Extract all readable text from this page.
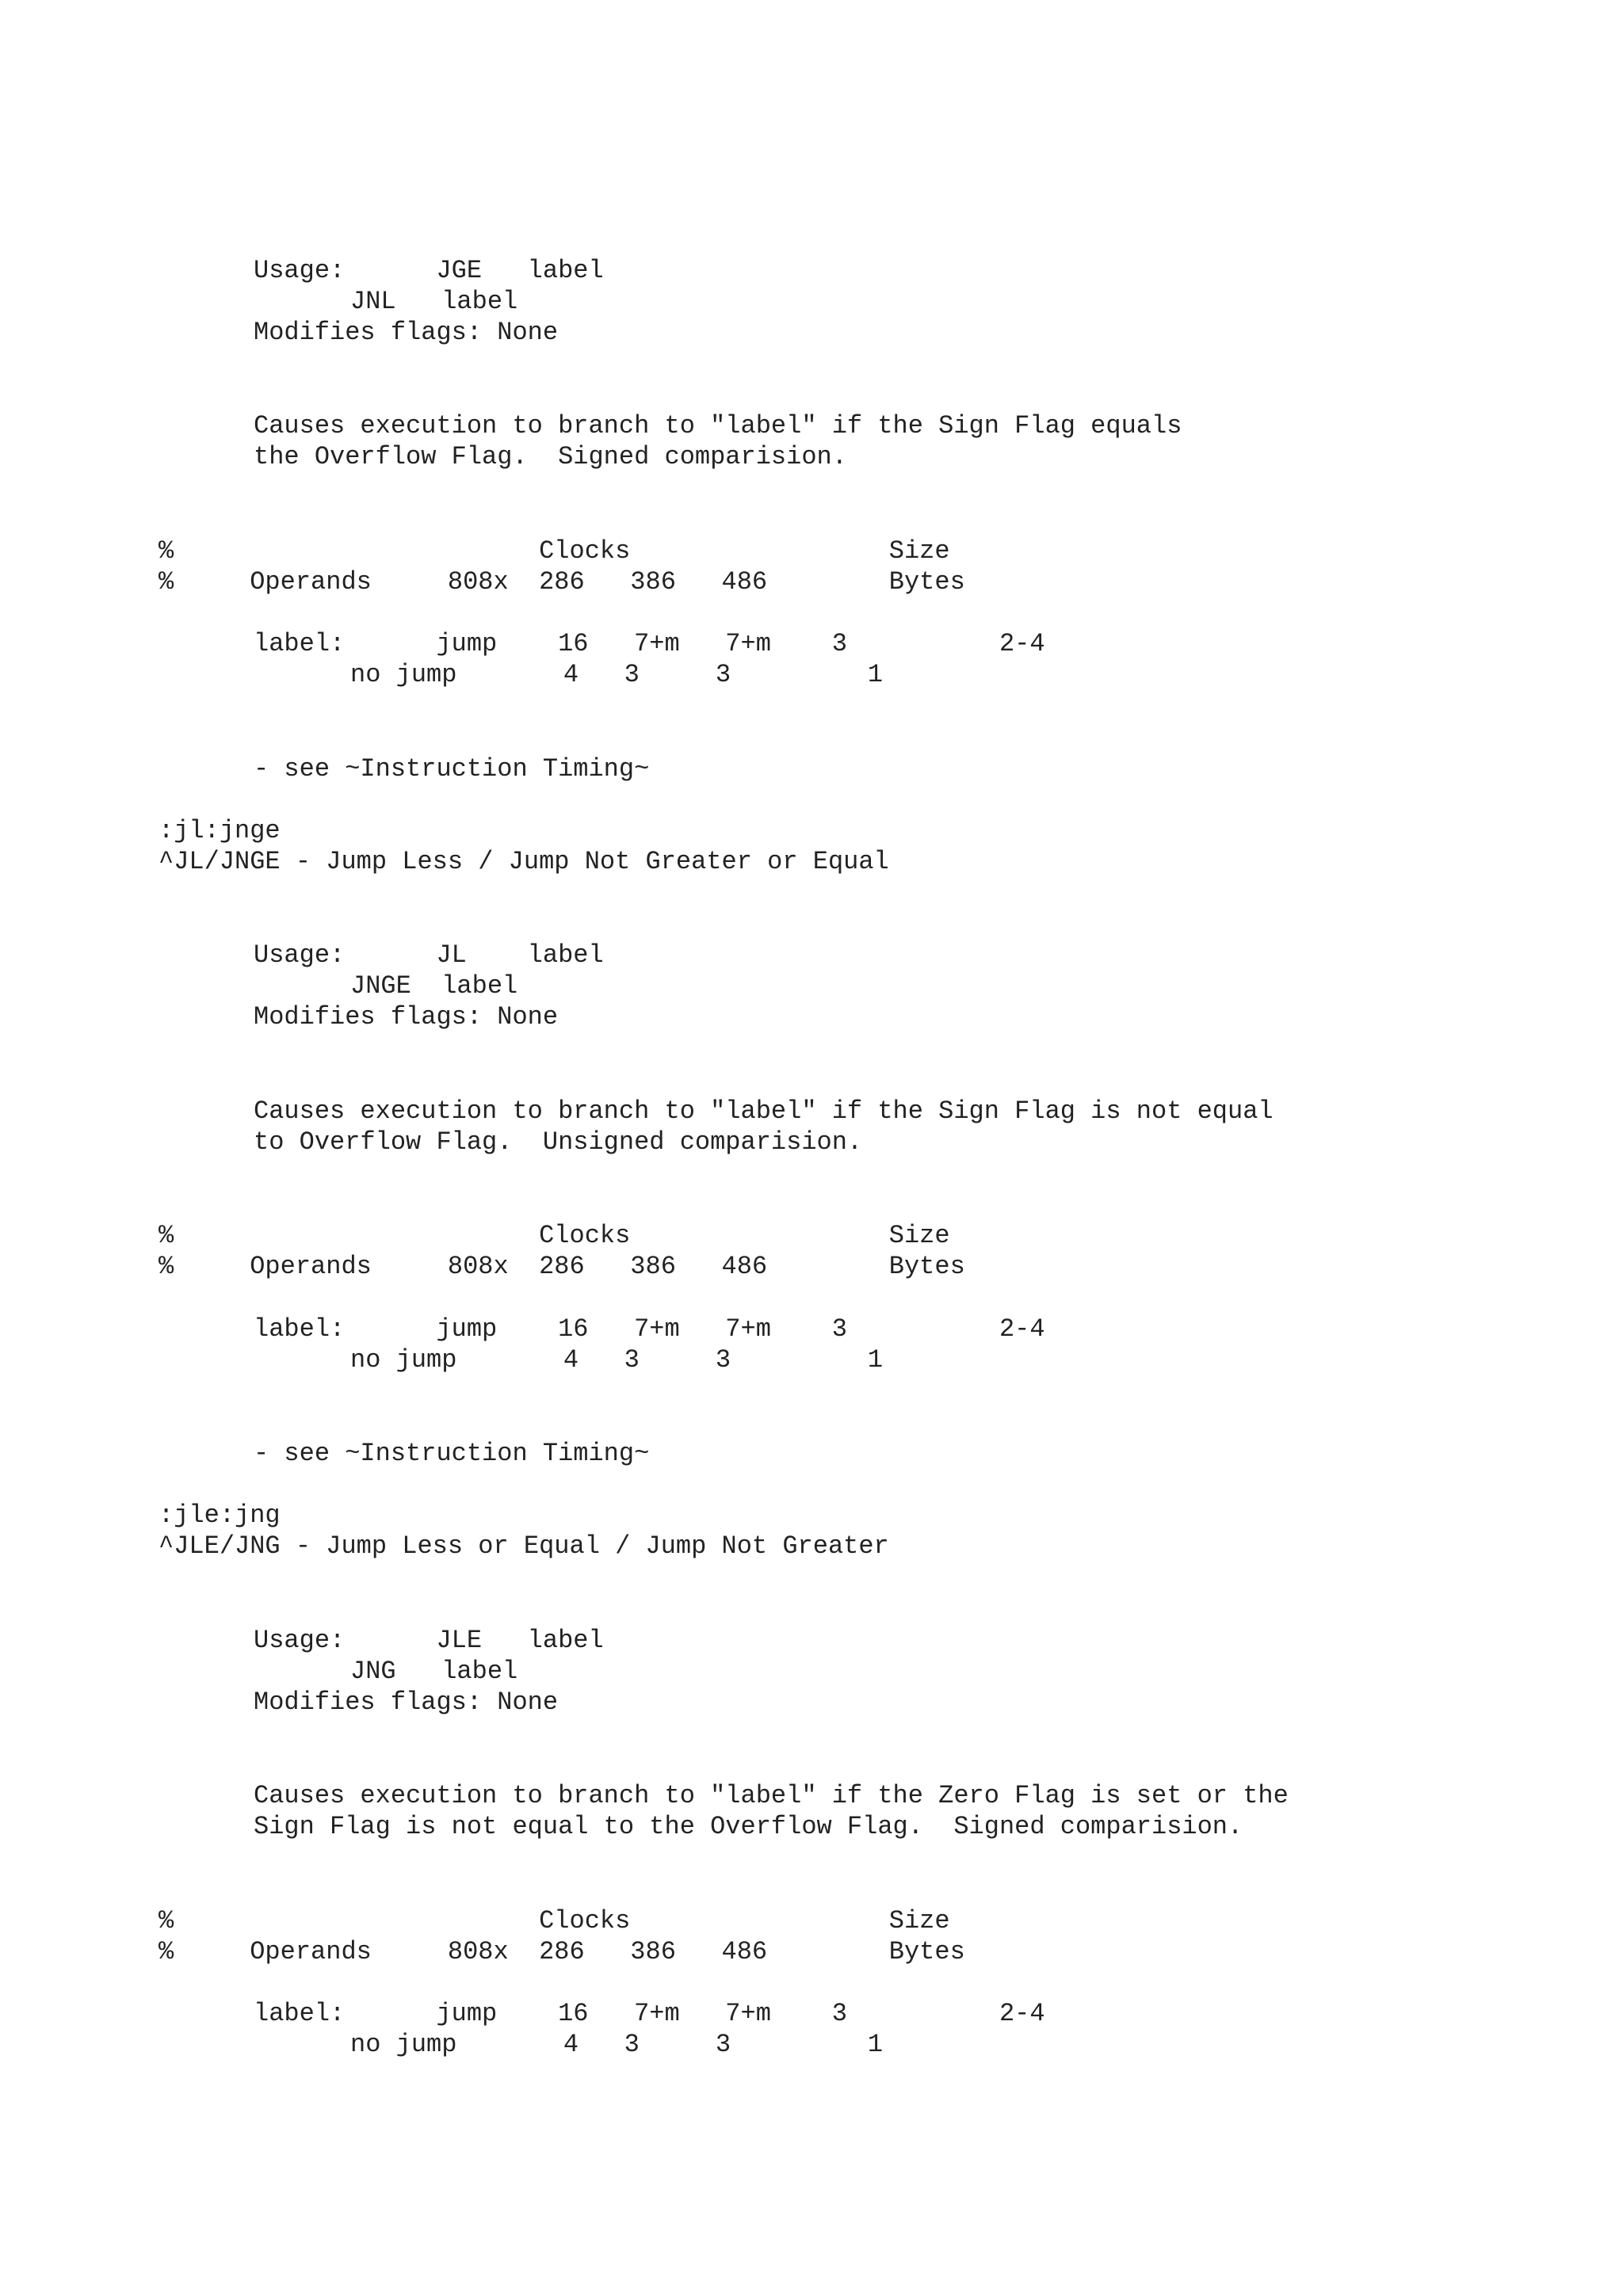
Usage:      JGE   label
JNL   label
Modifies flags: None
Causes execution to branch to "label" if the Sign Flag equals
the Overflow Flag.  Signed comparision.
%                        Clocks                 Size
%     Operands     808x  286   386   486        Bytes
label:      jump    16   7+m   7+m    3          2-4
no jump       4   3     3         1
- see ~Instruction Timing~
:jl:jnge
^JL/JNGE - Jump Less / Jump Not Greater or Equal
Usage:      JL    label
JNGE  label
Modifies flags: None
Causes execution to branch to "label" if the Sign Flag is not equal
to Overflow Flag.  Unsigned comparision.
%                        Clocks                 Size
%     Operands     808x  286   386   486        Bytes
label:      jump    16   7+m   7+m    3          2-4
no jump       4   3     3         1
- see ~Instruction Timing~
:jle:jng
^JLE/JNG - Jump Less or Equal / Jump Not Greater
Usage:      JLE   label
JNG   label
Modifies flags: None
Causes execution to branch to "label" if the Zero Flag is set or the
Sign Flag is not equal to the Overflow Flag.  Signed comparision.
%                        Clocks                 Size
%     Operands     808x  286   386   486        Bytes
label:      jump    16   7+m   7+m    3          2-4
no jump       4   3     3         1
